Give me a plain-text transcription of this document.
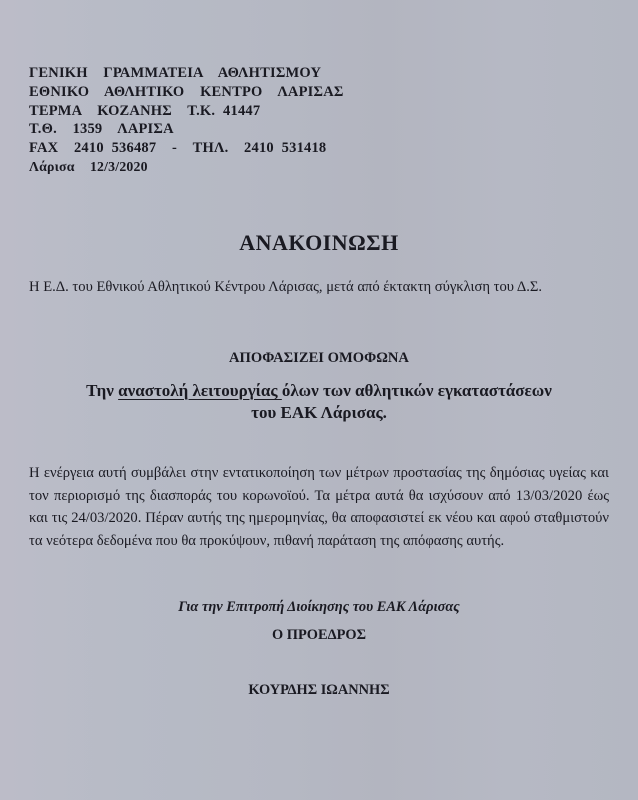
ΓΕΝΙΚΗ  ΓΡΑΜΜΑΤΕΙΑ  ΑΘΛΗΤΙΣΜΟΥ
ΕΘΝΙΚΟ  ΑΘΛΗΤΙΚΟ  ΚΕΝΤΡΟ  ΛΑΡΙΣΑΣ
ΤΕΡΜΑ  ΚΟΖΑΝΗΣ  Τ.Κ. 41447
Τ.Θ.  1359  ΛΑΡΙΣΑ
FAX  2410 536487  -  ΤΗΛ.  2410 531418
Λάρισα  12/3/2020
ΑΝΑΚΟΙΝΩΣΗ
Η Ε.Δ. του Εθνικού Αθλητικού Κέντρου Λάρισας, μετά από έκτακτη σύγκλιση του Δ.Σ.
ΑΠΟΦΑΣΙΖΕΙ ΟΜΟΦΩΝΑ
Την αναστολή λειτουργίας όλων των αθλητικών εγκαταστάσεων
του ΕΑΚ Λάρισας.
Η ενέργεια αυτή συμβάλει στην εντατικοποίηση των μέτρων προστασίας της δημόσιας υγείας και τον περιορισμό της διασποράς του κορωνοϊού. Τα μέτρα αυτά θα ισχύσουν από 13/03/2020 έως και τις 24/03/2020. Πέραν αυτής της ημερομηνίας, θα αποφασιστεί εκ νέου και αφού σταθμιστούν τα νεότερα δεδομένα που θα προκύψουν, πιθανή παράταση της απόφασης αυτής.
Για την Επιτροπή Διοίκησης του ΕΑΚ Λάρισας
Ο ΠΡΟΕΔΡΟΣ
ΚΟΥΡΔΗΣ ΙΩΑΝΝΗΣ
